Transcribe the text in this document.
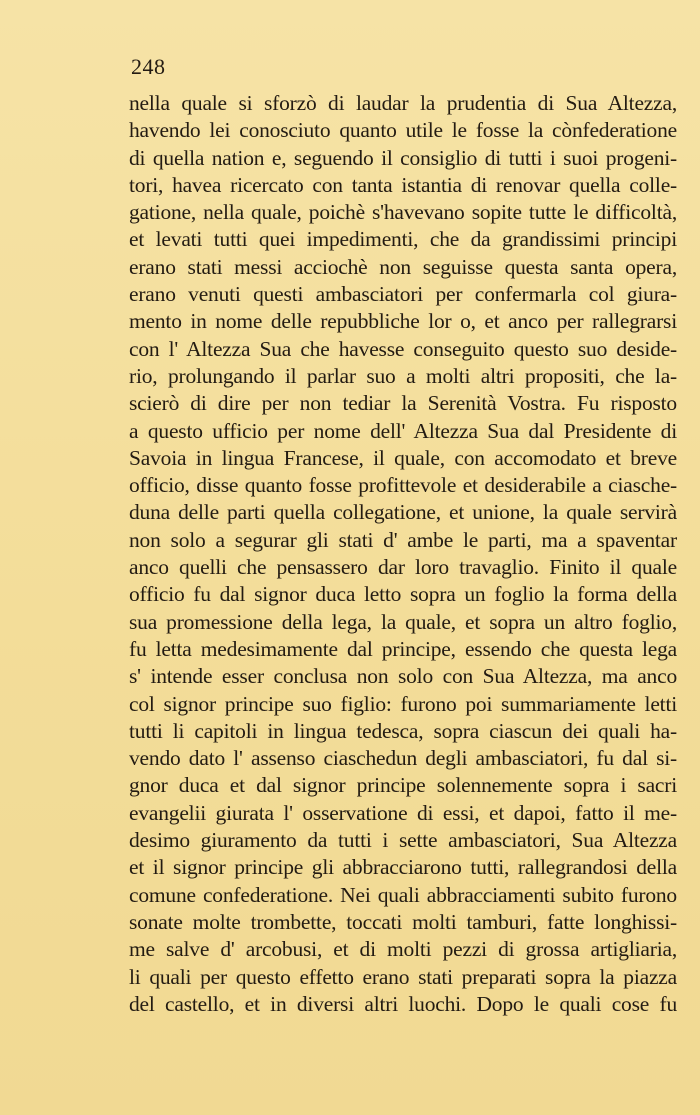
248
nella quale si sforzò di laudar la prudentia di Sua Altezza,
havendo lei conosciuto quanto utile le fosse la cònfederatione
di quella nation e, seguendo il consiglio di tutti i suoi progeni-
tori, havea ricercato con tanta istantia di renovar quella colle-
gatione, nella quale, poichè s'havevano sopite tutte le difficoltà,
et levati tutti quei impedimenti, che da grandissimi principi
erano stati messi acciochè non seguisse questa santa opera,
erano venuti questi ambasciatori per confermarla col giura-
mento in nome delle repubbliche lor o, et anco per rallegrarsi
con l' Altezza Sua che havesse conseguito questo suo deside-
rio, prolungando il parlar suo a molti altri propositi, che la-
scierò di dire per non tediar la Serenità Vostra. Fu risposto
a questo ufficio per nome dell' Altezza Sua dal Presidente di
Savoia in lingua Francese, il quale, con accomodato et breve
officio, disse quanto fosse profittevole et desiderabile a ciasche-
duna delle parti quella collegatione, et unione, la quale servirà
non solo a segurar gli stati d' ambe le parti, ma a spaventar
anco quelli che pensassero dar loro travaglio. Finito il quale
officio fu dal signor duca letto sopra un foglio la forma della
sua promessione della lega, la quale, et sopra un altro foglio,
fu letta medesimamente dal principe, essendo che questa lega
s' intende esser conclusa non solo con Sua Altezza, ma anco
col signor principe suo figlio: furono poi summariamente letti
tutti li capitoli in lingua tedesca, sopra ciascun dei quali ha-
vendo dato l' assenso ciaschedun degli ambasciatori, fu dal si-
gnor duca et dal signor principe solennemente sopra i sacri
evangelii giurata l' osservatione di essi, et dapoi, fatto il me-
desimo giuramento da tutti i sette ambasciatori, Sua Altezza
et il signor principe gli abbracciarono tutti, rallegrandosi della
comune confederatione. Nei quali abbracciamenti subito furono
sonate molte trombette, toccati molti tamburi, fatte longhissi-
me salve d' arcobusi, et di molti pezzi di grossa artigliaria,
li quali per questo effetto erano stati preparati sopra la piazza
del castello, et in diversi altri luochi. Dopo le quali cose fu
